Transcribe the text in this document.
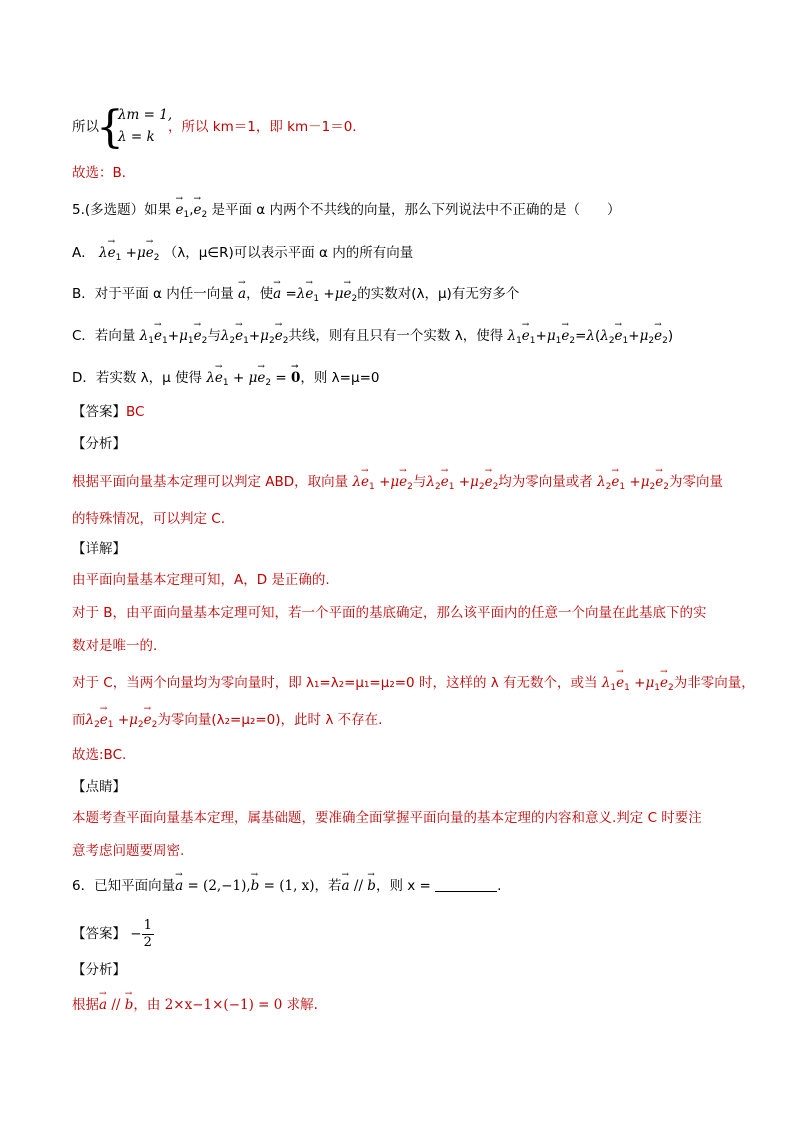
所以
{
λm = 1,
λ = k
，所以 km＝1，即 km－1＝0.
故选：B．
5.(多选题）如果 → $e_1,\to e_2$ 是平面 α 内两个不共线的向量，那么下列说法中不正确的是（　　）
A． $\lambda\to e_1 +\mu\to e_2$ （λ，μ∈R)可以表示平面 α 内的所有向量
B．对于平面 α 内任一向量 → a，使→ $a =\lambda\to e_1 +\mu\to e_2$的实数对(λ，μ)有无穷多个
C．若向量 $\lambda_1\to e_1+\mu_1\to e_2$与$\lambda_2\to e_1+\mu_2\to e_2$共线，则有且只有一个实数 λ，使得 $\lambda_1\to e_1+\mu_1\to e_2=\lambda(\lambda_2\to e_1+\mu_2\to e_2)$
D．若实数 λ，μ 使得 $\lambda\to e_1 + \mu\to e_2$ = → 0，则 λ=μ=0
【答案】BC
【分析】
根据平面向量基本定理可以判定 ABD，取向量 $\lambda\to e_1 +\mu\to e_2$与$\lambda_2\to e_1 +\mu_2\to e_2$均为零向量或者 $\lambda_2\to e_1 +\mu_2\to e_2$为零向量
的特殊情况，可以判定 C.
【详解】
由平面向量基本定理可知，A，D 是正确的.
对于 B，由平面向量基本定理可知，若一个平面的基底确定，那么该平面内的任意一个向量在此基底下的实
数对是唯一的.
对于 C，当两个向量均为零向量时，即 λ₁=λ₂=μ₁=μ₂=0 时，这样的 λ 有无数个，或当 $\lambda_1\to e_1 +\mu_1\to e_2$为非零向量，
而$\lambda_2\to e_1 +\mu_2\to e_2$为零向量(λ₂=μ₂=0)，此时 λ 不存在.
故选:BC.
【点睛】
本题考查平面向量基本定理，属基础题，要准确全面掌握平面向量的基本定理的内容和意义.判定 C 时要注
意考虑问题要周密.
6．已知平面向量→ a = (2,−1),→ b = (1, x)，若→ a // → b，则 x =	.
【答案】 − $\frac{1}{2}$
【分析】
根据→ a // → b，由 2×x−1×(−1) = 0 求解.
